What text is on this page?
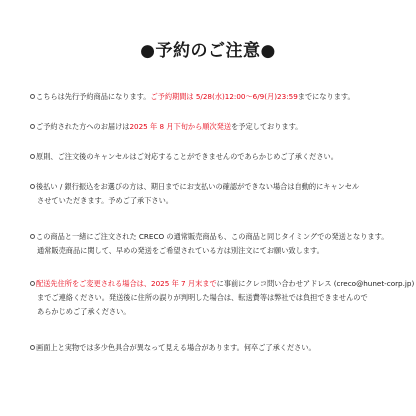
●予約のご注意●
こちらは先行予約商品になります。ご予約期間は 5/28(水)12:00～6/9(月)23:59までになります。
ご予約された方へのお届けは2025 年 8 月下旬から順次発送を予定しております。
原則、ご注文後のキャンセルはご対応することができませんのであらかじめご了承ください。
後払い / 銀行振込をお選びの方は、期日までにお支払いの確認ができない場合は自動的にキャンセル
させていただきます。予めご了承下さい。
この商品と一緒にご注文された CRECO の通常販売商品も、この商品と同じタイミングでの発送となります。
通常販売商品に関して、早めの発送をご希望されている方は別注文にてお願い致します。
配送先住所をご変更される場合は、2025 年 7 月末までに事前にクレコ問い合わせアドレス (creco@hunet-corp.jp)
までご連絡ください。発送後に住所の誤りが判明した場合は、転送費等は弊社では負担できませんので
あらかじめご了承ください。
画面上と実物では多少色具合が異なって見える場合があります。何卒ご了承ください。
